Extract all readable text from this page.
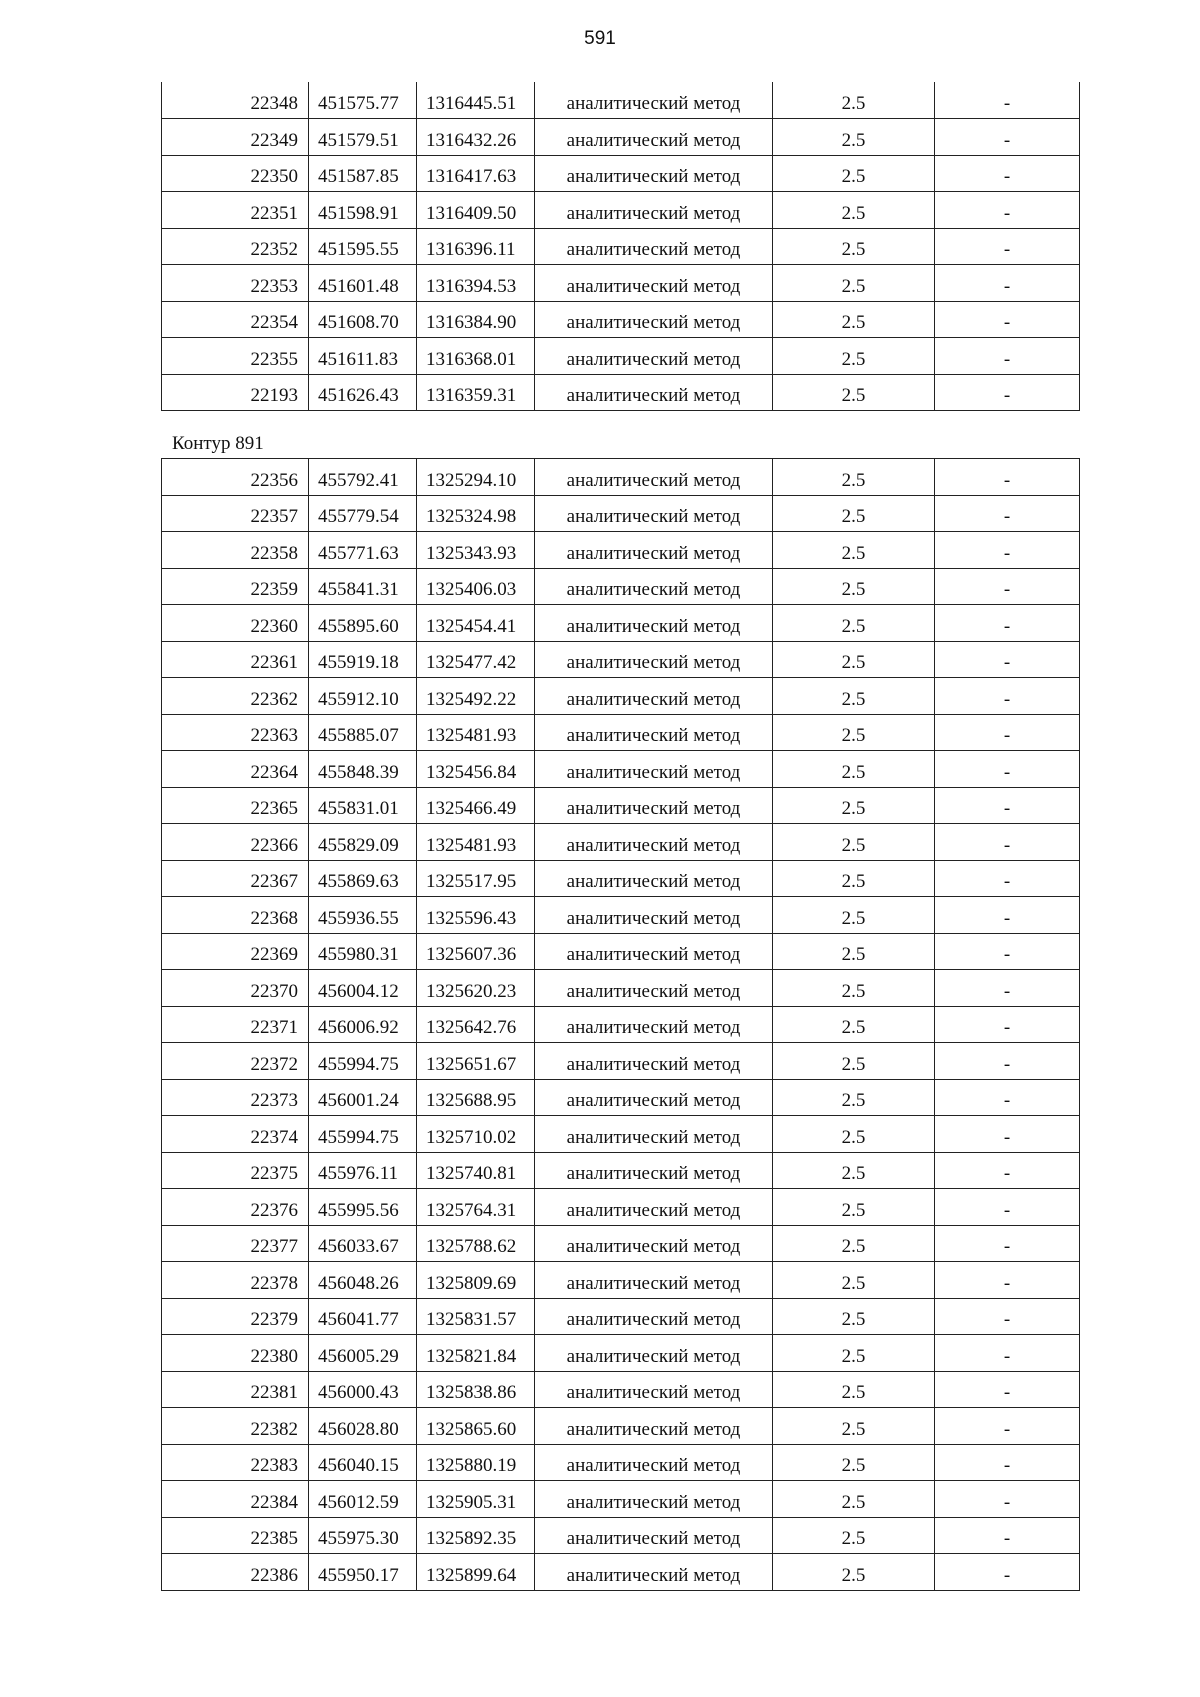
591
22348	451575.77	1316445.51	аналитический метод	2.5	-
22349	451579.51	1316432.26	аналитический метод	2.5	-
22350	451587.85	1316417.63	аналитический метод	2.5	-
22351	451598.91	1316409.50	аналитический метод	2.5	-
22352	451595.55	1316396.11	аналитический метод	2.5	-
22353	451601.48	1316394.53	аналитический метод	2.5	-
22354	451608.70	1316384.90	аналитический метод	2.5	-
22355	451611.83	1316368.01	аналитический метод	2.5	-
22193	451626.43	1316359.31	аналитический метод	2.5	-
Контур 891
22356	455792.41	1325294.10	аналитический метод	2.5	-
22357	455779.54	1325324.98	аналитический метод	2.5	-
22358	455771.63	1325343.93	аналитический метод	2.5	-
22359	455841.31	1325406.03	аналитический метод	2.5	-
22360	455895.60	1325454.41	аналитический метод	2.5	-
22361	455919.18	1325477.42	аналитический метод	2.5	-
22362	455912.10	1325492.22	аналитический метод	2.5	-
22363	455885.07	1325481.93	аналитический метод	2.5	-
22364	455848.39	1325456.84	аналитический метод	2.5	-
22365	455831.01	1325466.49	аналитический метод	2.5	-
22366	455829.09	1325481.93	аналитический метод	2.5	-
22367	455869.63	1325517.95	аналитический метод	2.5	-
22368	455936.55	1325596.43	аналитический метод	2.5	-
22369	455980.31	1325607.36	аналитический метод	2.5	-
22370	456004.12	1325620.23	аналитический метод	2.5	-
22371	456006.92	1325642.76	аналитический метод	2.5	-
22372	455994.75	1325651.67	аналитический метод	2.5	-
22373	456001.24	1325688.95	аналитический метод	2.5	-
22374	455994.75	1325710.02	аналитический метод	2.5	-
22375	455976.11	1325740.81	аналитический метод	2.5	-
22376	455995.56	1325764.31	аналитический метод	2.5	-
22377	456033.67	1325788.62	аналитический метод	2.5	-
22378	456048.26	1325809.69	аналитический метод	2.5	-
22379	456041.77	1325831.57	аналитический метод	2.5	-
22380	456005.29	1325821.84	аналитический метод	2.5	-
22381	456000.43	1325838.86	аналитический метод	2.5	-
22382	456028.80	1325865.60	аналитический метод	2.5	-
22383	456040.15	1325880.19	аналитический метод	2.5	-
22384	456012.59	1325905.31	аналитический метод	2.5	-
22385	455975.30	1325892.35	аналитический метод	2.5	-
22386	455950.17	1325899.64	аналитический метод	2.5	-
